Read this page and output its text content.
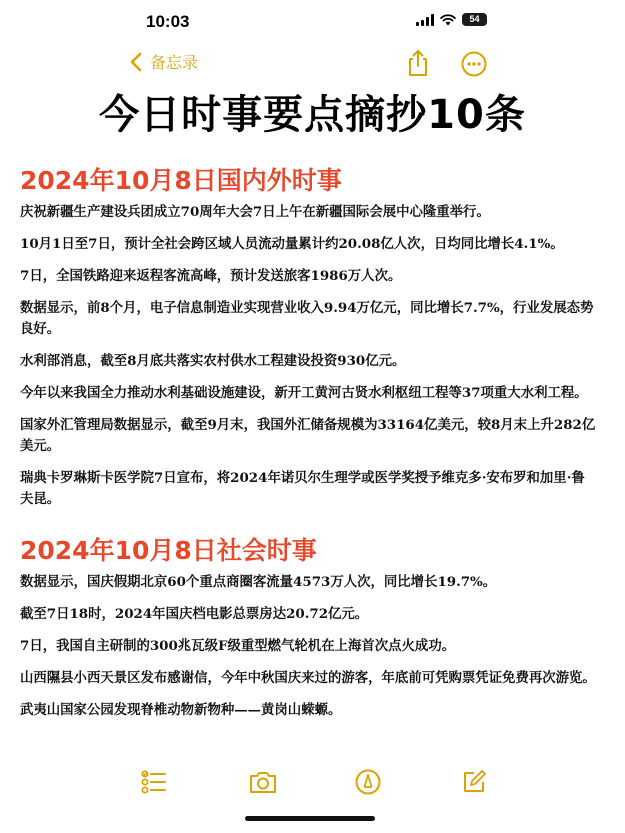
10:03	54
备忘录
今日时事要点摘抄10条
2024年10月8日国内外时事

庆祝新疆生产建设兵团成立70周年大会7日上午在新疆国际会展中心隆重举行。

10月1日至7日，预计全社会跨区域人员流动量累计约20.08亿人次，日均同比增长4.1%。

7日，全国铁路迎来返程客流高峰，预计发送旅客1986万人次。

数据显示，前8个月，电子信息制造业实现营业收入9.94万亿元，同比增长7.7%，行业发展态势良好。

水利部消息，截至8月底共落实农村供水工程建设投资930亿元。

今年以来我国全力推动水利基础设施建设，新开工黄河古贤水利枢纽工程等37项重大水利工程。

国家外汇管理局数据显示，截至9月末，我国外汇储备规模为33164亿美元，较8月末上升282亿美元。

瑞典卡罗琳斯卡医学院7日宣布，将2024年诺贝尔生理学或医学奖授予维克多·安布罗和加里·鲁夫昆。

2024年10月8日社会时事

数据显示，国庆假期北京60个重点商圈客流量4573万人次，同比增长19.7%。

截至7日18时，2024年国庆档电影总票房达20.72亿元。

7日，我国自主研制的300兆瓦级F级重型燃气轮机在上海首次点火成功。

山西隰县小西天景区发布感谢信，今年中秋国庆来过的游客，年底前可凭购票凭证免费再次游览。

武夷山国家公园发现脊椎动物新物种——黄岗山蝾螈。
